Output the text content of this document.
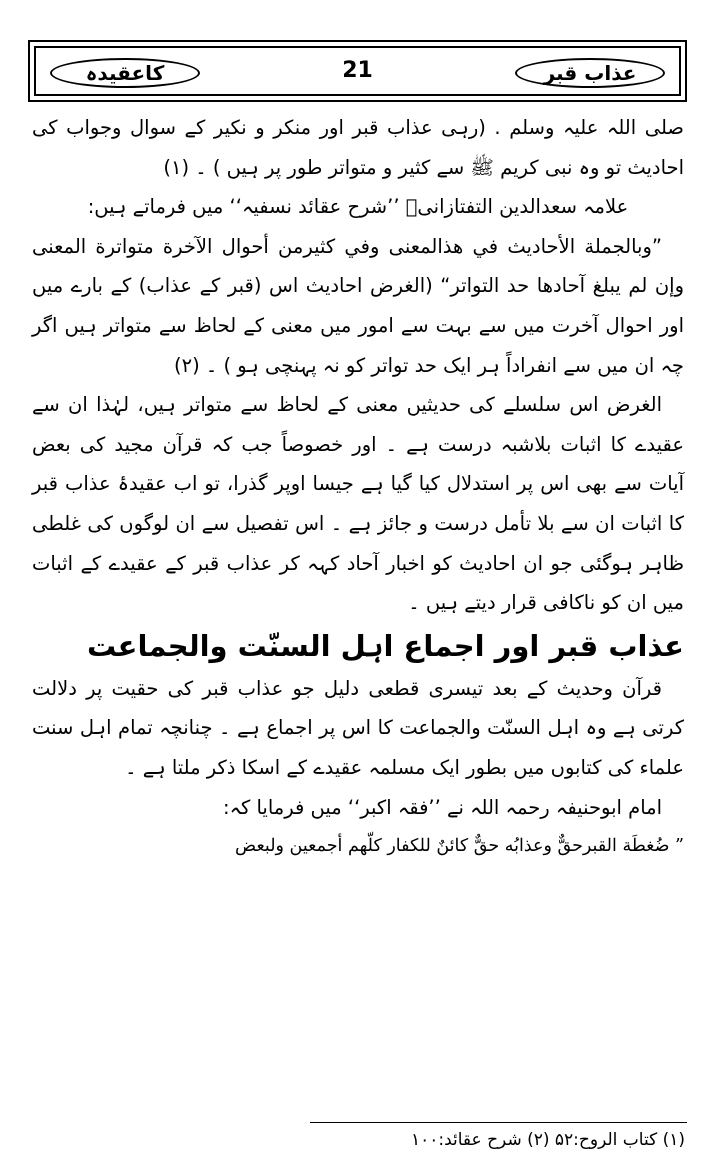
کاعقیدہ	21	عذاب قبر

صلی اللہ علیہ وسلم . (رہی عذاب قبر اور منکر و نکیر کے سوال وجواب کی احادیث تو وہ نبی کریم ﷺ سے کثیر و متواتر طور پر ہیں ) ۔ (۱)

علامہ سعدالدین التفتازانیؒ ’’شرح عقائد نسفیہ‘‘ میں فرماتے ہیں:

”وبالجملة الأحاديث في هذالمعنى وفي كثيرمن أحوال الآخرة متواترة المعنى وإن لم يبلغ آحادها حد التواتر“ (الغرض احادیث اس (قبر کے عذاب) کے بارے میں اور احوال آخرت میں سے بہت سے امور میں معنی کے لحاظ سے متواتر ہیں اگر چہ ان میں سے انفراداً ہر ایک حد تواتر کو نہ پہنچی ہو ) ۔ (۲)

الغرض اس سلسلے کی حدیثیں معنی کے لحاظ سے متواتر ہیں، لہٰذا ان سے عقیدے کا اثبات بلاشبہ درست ہے ۔ اور خصوصاً جب کہ قرآن مجید کی بعض آیات سے بھی اس پر استدلال کیا گیا ہے جیسا اوپر گذرا، تو اب عقیدۂ عذاب قبر کا اثبات ان سے بلا تأمل درست و جائز ہے ۔ اس تفصیل سے ان لوگوں کی غلطی ظاہر ہوگئی جو ان احادیث کو اخبار آحاد کہہ کر عذاب قبر کے عقیدے کے اثبات میں ان کو ناکافی قرار دیتے ہیں ۔

عذاب قبر اور اجماع اہل السنّت والجماعت

قرآن وحدیث کے بعد تیسری قطعی دلیل جو عذاب قبر کی حقیت پر دلالت کرتی ہے وہ اہل السنّت والجماعت کا اس پر اجماع ہے ۔ چنانچہ تمام اہل سنت علماء کی کتابوں میں بطور ایک مسلمہ عقیدے کے اسکا ذکر ملتا ہے ۔

امام ابوحنیفہ رحمہ اللہ نے ’’فقہ اکبر‘‘ میں فرمایا کہ:

” ضُغطَة القبرحقٌّ وعذابُه حقٌّ كائنٌ للكفار كلّهم أجمعين ولبعض

(۱) کتاب الروح:۵۲ (۲) شرح عقائد:۱۰۰
